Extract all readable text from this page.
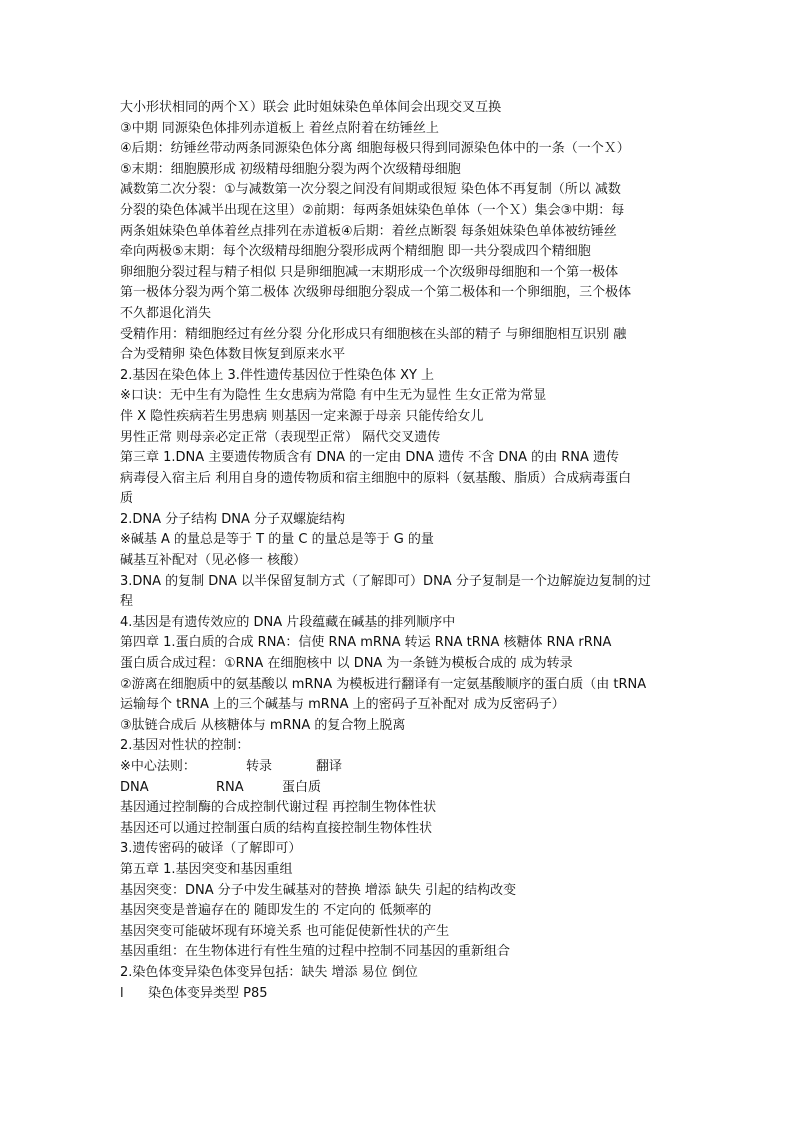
大小形状相同的两个Ｘ）联会 此时姐妹染色单体间会出现交叉互换
③中期 同源染色体排列赤道板上 着丝点附着在纺锤丝上
④后期：纺锤丝带动两条同源染色体分离 细胞每极只得到同源染色体中的一条（一个Ｘ）
⑤末期：细胞膜形成 初级精母细胞分裂为两个次级精母细胞
减数第二次分裂：①与减数第一次分裂之间没有间期或很短 染色体不再复制（所以 减数
分裂的染色体减半出现在这里）②前期：每两条姐妹染色单体（一个Ｘ）集会③中期：每
两条姐妹染色单体着丝点排列在赤道板④后期：着丝点断裂 每条姐妹染色单体被纺锤丝
牵向两极⑤末期：每个次级精母细胞分裂形成两个精细胞 即一共分裂成四个精细胞
卵细胞分裂过程与精子相似 只是卵细胞减一末期形成一个次级卵母细胞和一个第一极体
第一极体分裂为两个第二极体 次级卵母细胞分裂成一个第二极体和一个卵细胞，三个极体
不久都退化消失
受精作用：精细胞经过有丝分裂 分化形成只有细胞核在头部的精子 与卵细胞相互识别 融
合为受精卵 染色体数目恢复到原来水平
2.基因在染色体上 3.伴性遗传基因位于性染色体 XY 上
※口诀：无中生有为隐性 生女患病为常隐 有中生无为显性 生女正常为常显
伴 X 隐性疾病若生男患病 则基因一定来源于母亲 只能传给女儿
男性正常 则母亲必定正常（表现型正常） 隔代交叉遗传
第三章 1.DNA 主要遗传物质含有 DNA 的一定由 DNA 遗传 不含 DNA 的由 RNA 遗传
病毒侵入宿主后 利用自身的遗传物质和宿主细胞中的原料（氨基酸、脂质）合成病毒蛋白
质
2.DNA 分子结构 DNA 分子双螺旋结构
※碱基 A 的量总是等于 T 的量 C 的量总是等于 G 的量
碱基互补配对（见必修一 核酸）
3.DNA 的复制 DNA 以半保留复制方式（了解即可）DNA 分子复制是一个边解旋边复制的过
程
4.基因是有遗传效应的 DNA 片段蕴藏在碱基的排列顺序中
第四章 1.蛋白质的合成 RNA：信使 RNA mRNA 转运 RNA tRNA 核糖体 RNA rRNA
蛋白质合成过程：①RNA 在细胞核中 以 DNA 为一条链为模板合成的 成为转录
②游离在细胞质中的氨基酸以 mRNA 为模板进行翻译有一定氨基酸顺序的蛋白质（由 tRNA
运输每个 tRNA 上的三个碱基与 mRNA 上的密码子互补配对 成为反密码子）
③肽链合成后 从核糖体与 mRNA 的复合物上脱离
2.基因对性状的控制：
※中心法则：	转录	翻译
DNA	RNA	蛋白质
基因通过控制酶的合成控制代谢过程 再控制生物体性状
基因还可以通过控制蛋白质的结构直接控制生物体性状
3.遗传密码的破译（了解即可）
第五章 1.基因突变和基因重组
基因突变：DNA 分子中发生碱基对的替换 增添 缺失 引起的结构改变
基因突变是普遍存在的 随即发生的 不定向的 低频率的
基因突变可能破坏现有环境关系 也可能促使新性状的产生
基因重组：在生物体进行有性生殖的过程中控制不同基因的重新组合
2.染色体变异染色体变异包括：缺失 增添 易位 倒位
l 染色体变异类型 P85
